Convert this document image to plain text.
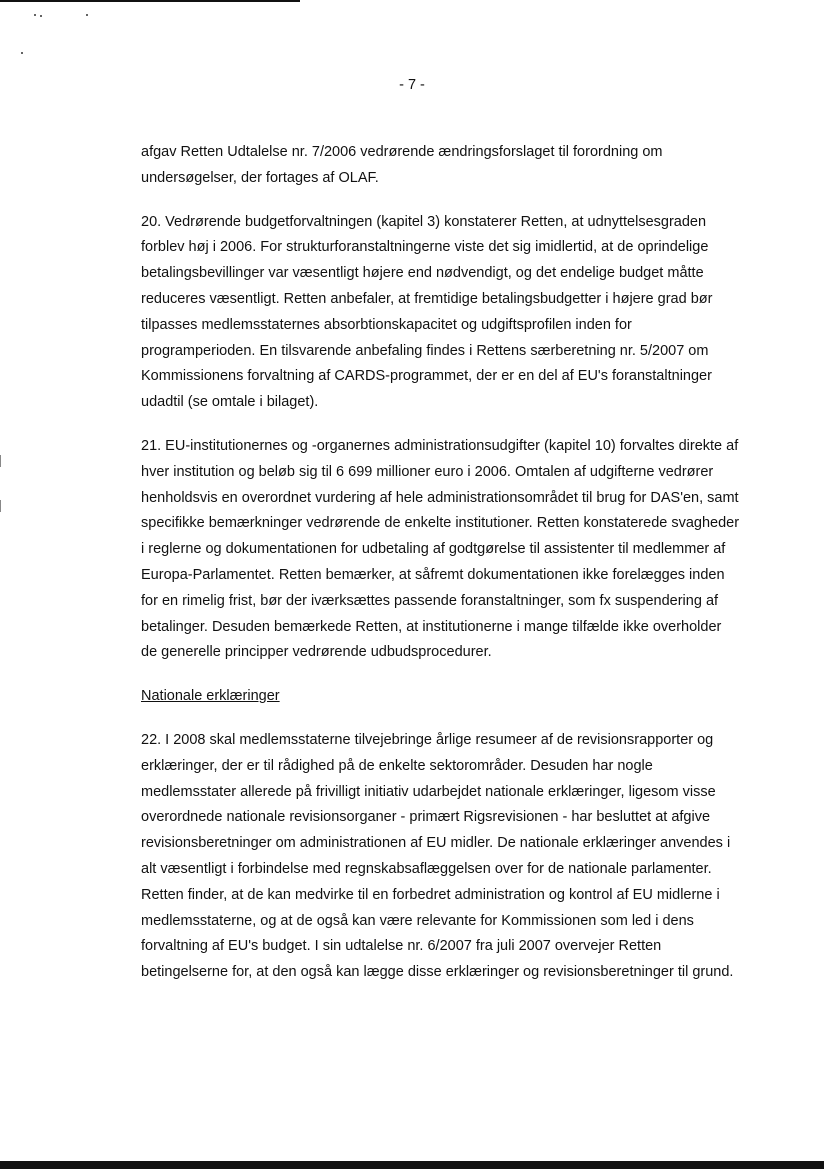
- 7 -

afgav Retten Udtalelse nr. 7/2006 vedrørende ændringsforslaget til forordning om undersøgelser, der fortages af OLAF.

20. Vedrørende budgetforvaltningen (kapitel 3) konstaterer Retten, at udnyttelsesgraden forblev høj i 2006. For strukturforanstaltningerne viste det sig imidlertid, at de oprindelige betalingsbevillinger var væsentligt højere end nødvendigt, og det endelige budget måtte reduceres væsentligt. Retten anbefaler, at fremtidige betalingsbudgetter i højere grad bør tilpasses medlemsstaternes absorbtionskapacitet og udgiftsprofilen inden for programperioden. En tilsvarende anbefaling findes i Rettens særberetning nr. 5/2007 om Kommissionens forvaltning af CARDS-programmet, der er en del af EU's foranstaltninger udadtil (se omtale i bilaget).

21. EU-institutionernes og -organernes administrationsudgifter (kapitel 10) forvaltes direkte af hver institution og beløb sig til 6 699 millioner euro i 2006. Omtalen af udgifterne vedrører henholdsvis en overordnet vurdering af hele administrationsområdet til brug for DAS'en, samt specifikke bemærkninger vedrørende de enkelte institutioner. Retten konstaterede svagheder i reglerne og dokumentationen for udbetaling af godtgørelse til assistenter til medlemmer af Europa-Parlamentet. Retten bemærker, at såfremt dokumentationen ikke forelægges inden for en rimelig frist, bør der iværksættes passende foranstaltninger, som fx suspendering af betalinger. Desuden bemærkede Retten, at institutionerne i mange tilfælde ikke overholder de generelle principper vedrørende udbudsprocedurer.

Nationale erklæringer

22. I 2008 skal medlemsstaterne tilvejebringe årlige resumeer af de revisionsrapporter og erklæringer, der er til rådighed på de enkelte sektorområder. Desuden har nogle medlemsstater allerede på frivilligt initiativ udarbejdet nationale erklæringer, ligesom visse overordnede nationale revisionsorganer - primært Rigsrevisionen - har besluttet at afgive revisionsberetninger om administrationen af EU midler. De nationale erklæringer anvendes i alt væsentligt i forbindelse med regnskabsaflæggelsen over for de nationale parlamenter. Retten finder, at de kan medvirke til en forbedret administration og kontrol af EU midlerne i medlemsstaterne, og at de også kan være relevante for Kommissionen som led i dens forvaltning af EU's budget. I sin udtalelse nr. 6/2007 fra juli 2007 overvejer Retten betingelserne for, at den også kan lægge disse erklæringer og revisionsberetninger til grund.
